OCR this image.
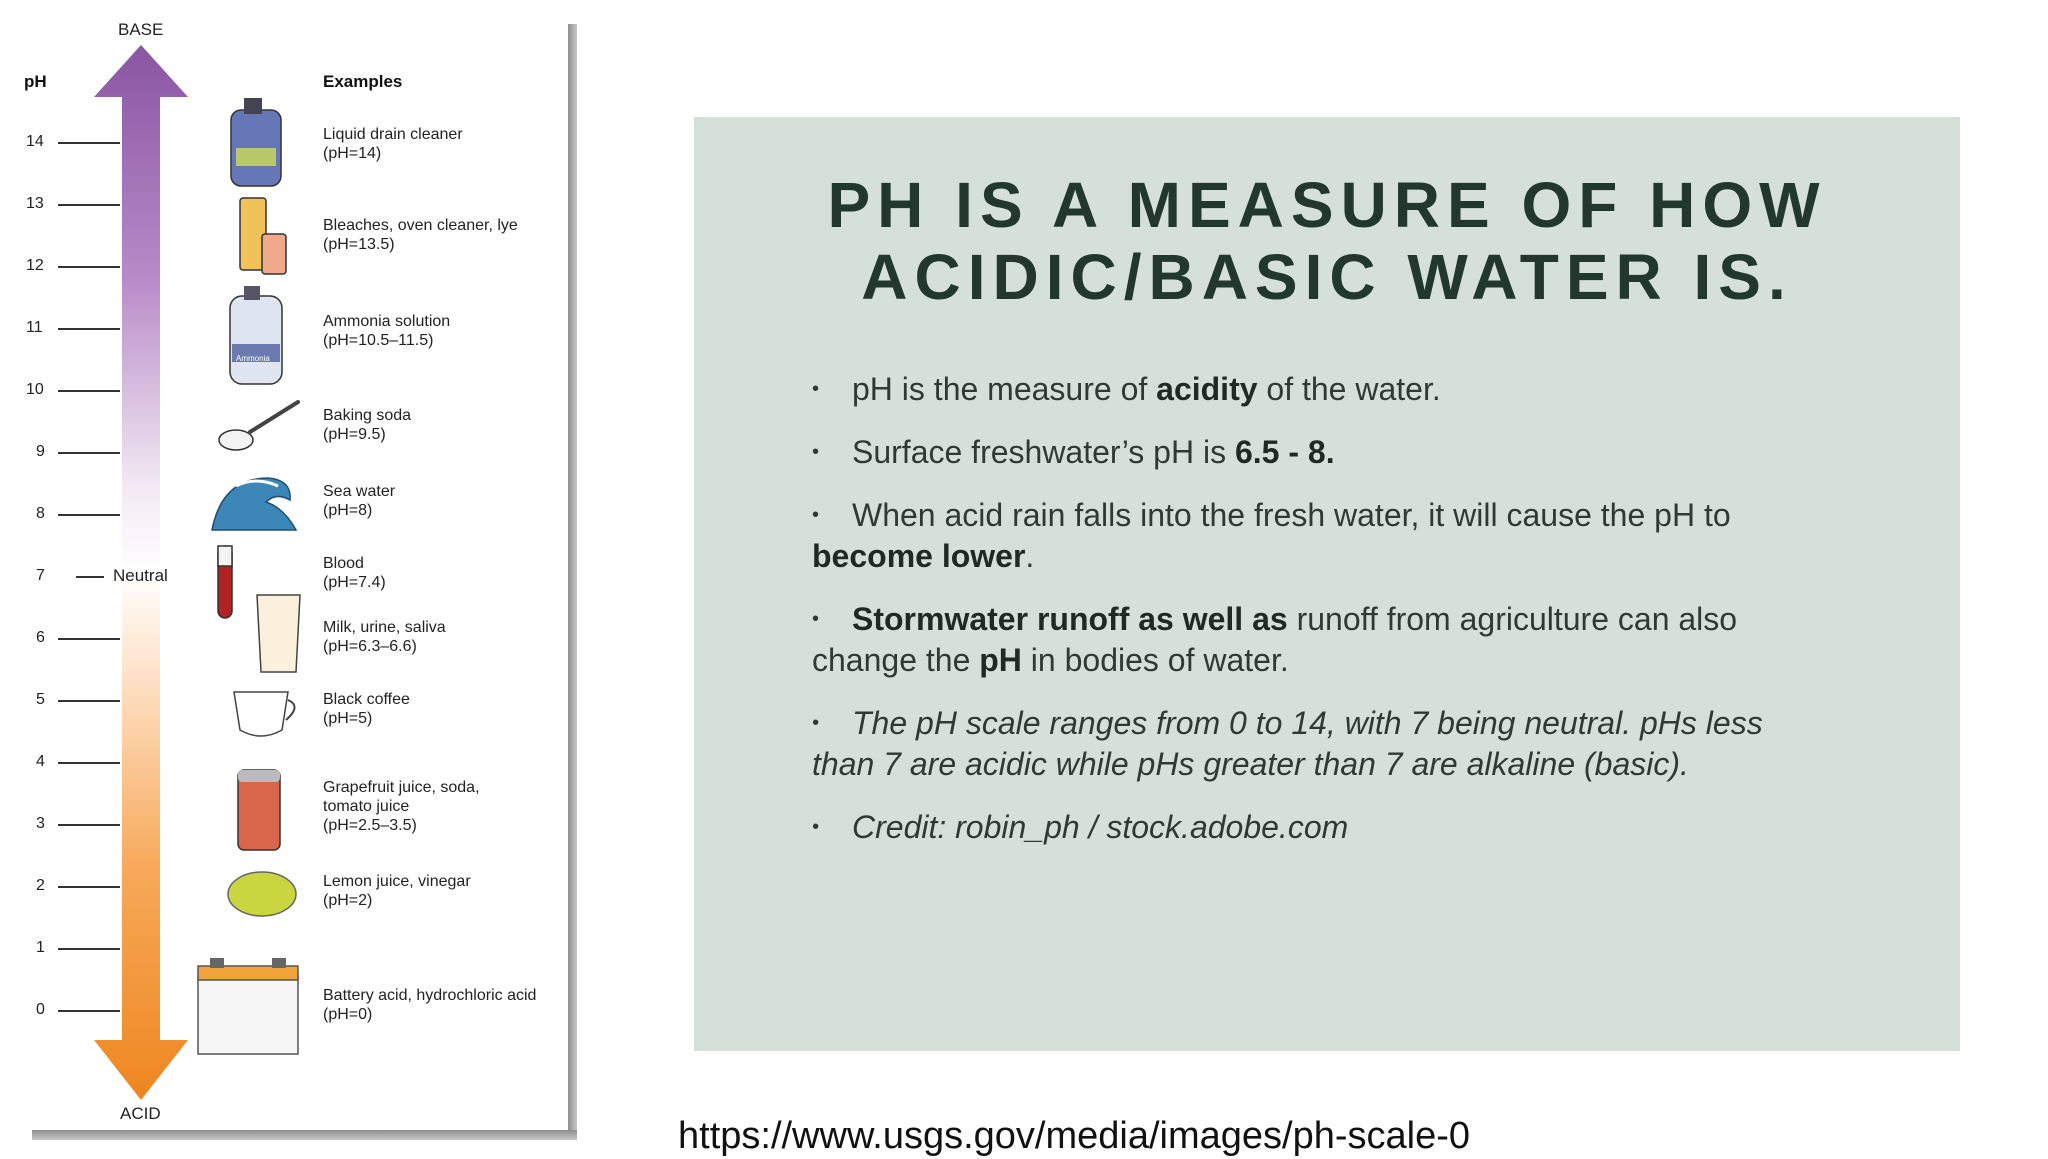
BASE
ACID
pH	Examples
Neutral
14
13
12
11
10
9
8
7
6
5
4
3
2
1
0
Ammonia
Liquid drain cleaner
(pH=14)
Bleaches, oven cleaner, lye
(pH=13.5)
Ammonia solution
(pH=10.5–11.5)
Baking soda
(pH=9.5)
Sea water
(pH=8)
Blood
(pH=7.4)
Milk, urine, saliva
(pH=6.3–6.6)
Black coffee
(pH=5)
Grapefruit juice, soda,
tomato juice
(pH=2.5–3.5)
Lemon juice, vinegar
(pH=2)
Battery acid, hydrochloric acid
(pH=0)
PH IS A MEASURE OF HOW
ACIDIC/BASIC WATER IS.
• pH is the measure of acidity of the water.
• Surface freshwater’s pH is 6.5 - 8.
• When acid rain falls into the fresh water, it will cause the pH to become lower.
• Stormwater runoff as well as runoff from agriculture can also change the pH in bodies of water.
• The pH scale ranges from 0 to 14, with 7 being neutral. pHs less than 7 are acidic while pHs greater than 7 are alkaline (basic).
• Credit: robin_ph / stock.adobe.com
https://www.usgs.gov/media/images/ph-scale-0
